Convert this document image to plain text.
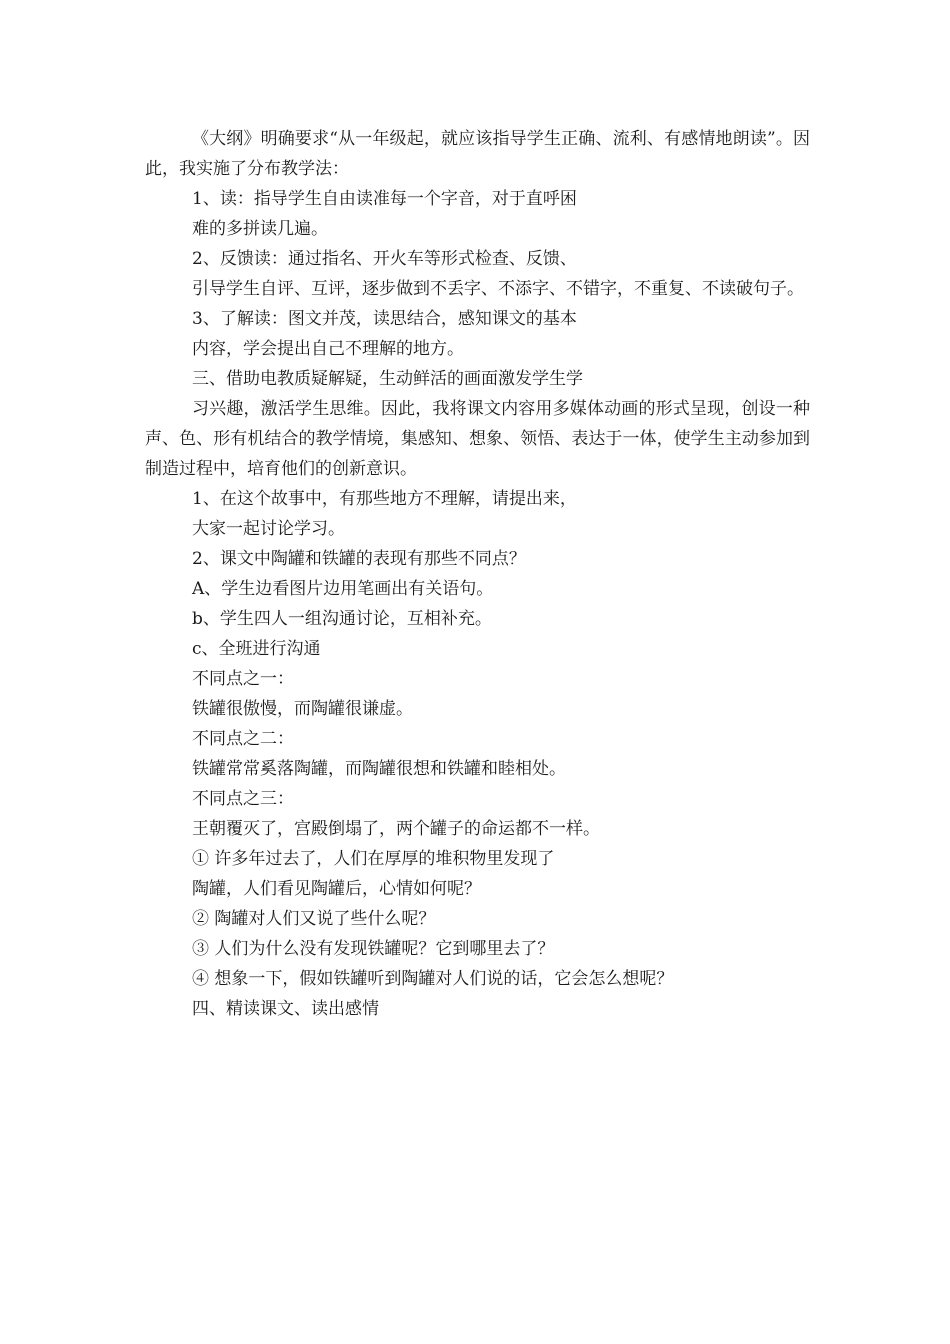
《大纲》明确要求“从一年级起，就应该指导学生正确、流利、有感情地朗读”。因此，我实施了分布教学法：

1、读：指导学生自由读准每一个字音，对于直呼困

难的多拼读几遍。

2、反馈读：通过指名、开火车等形式检查、反馈、

引导学生自评、互评，逐步做到不丢字、不添字、不错字，不重复、不读破句子。

3、了解读：图文并茂，读思结合，感知课文的基本

内容，学会提出自己不理解的地方。

三、借助电教质疑解疑，生动鲜活的画面激发学生学

习兴趣，激活学生思维。因此，我将课文内容用多媒体动画的形式呈现，创设一种声、色、形有机结合的教学情境，集感知、想象、领悟、表达于一体，使学生主动参加到制造过程中，培育他们的创新意识。

1、在这个故事中，有那些地方不理解，请提出来，

大家一起讨论学习。

2、课文中陶罐和铁罐的表现有那些不同点？

A、学生边看图片边用笔画出有关语句。

b、学生四人一组沟通讨论，互相补充。

c、全班进行沟通

不同点之一：

铁罐很傲慢，而陶罐很谦虚。

不同点之二：

铁罐常常奚落陶罐，而陶罐很想和铁罐和睦相处。

不同点之三：

王朝覆灭了，宫殿倒塌了，两个罐子的命运都不一样。

① 许多年过去了，人们在厚厚的堆积物里发现了

陶罐，人们看见陶罐后，心情如何呢？

② 陶罐对人们又说了些什么呢？

③ 人们为什么没有发现铁罐呢？它到哪里去了？

④ 想象一下，假如铁罐听到陶罐对人们说的话，它会怎么想呢？

四、精读课文、读出感情
